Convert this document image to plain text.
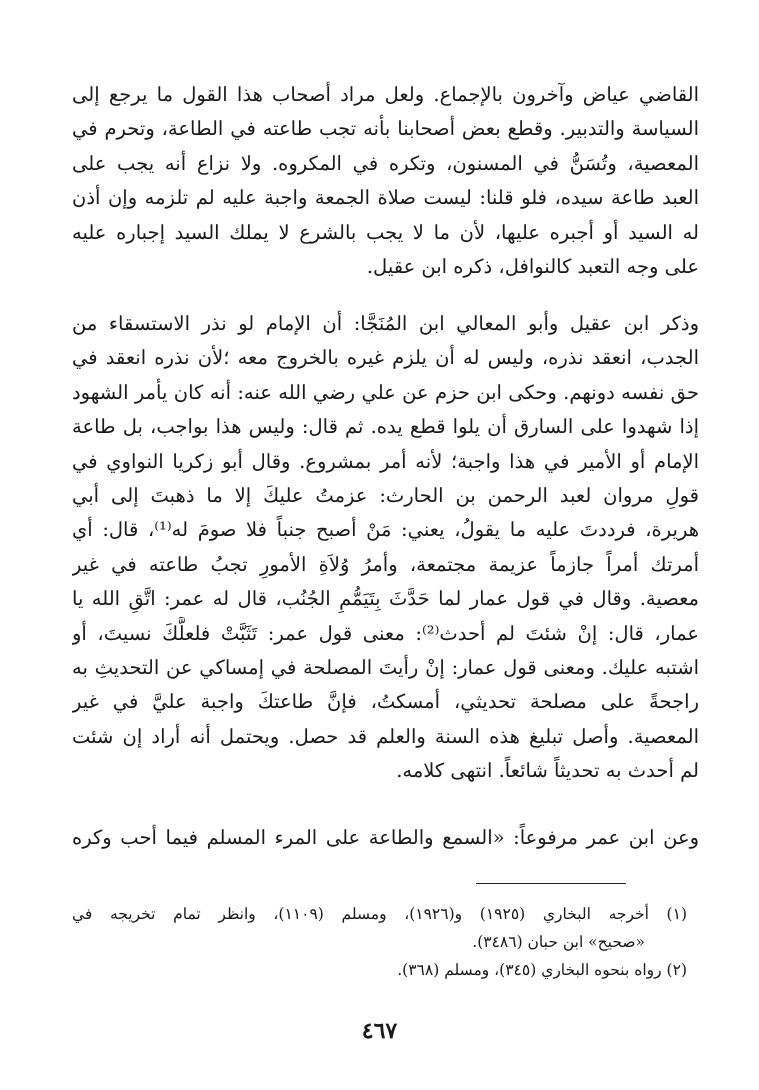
القاضي عياض وآخرون بالإجماع. ولعل مراد أصحاب هذا القول ما يرجع إلى
السياسة والتدبير. وقطع بعض أصحابنا بأنه تجب طاعته في الطاعة، وتحرم في
المعصية، وتُسَنُّ في المسنون، وتكره في المكروه. ولا نزاع أنه يجب على
العبد طاعة سيده، فلو قلنا: ليست صلاة الجمعة واجبة عليه لم تلزمه وإن أذن
له السيد أو أجبره عليها، لأن ما لا يجب بالشرع لا يملك السيد إجباره عليه
على وجه التعبد كالنوافل، ذكره ابن عقيل.
وذكر ابن عقيل وأبو المعالي ابن المُنَجَّا: أن الإمام لو نذر الاستسقاء من
الجدب، انعقد نذره، وليس له أن يلزم غيره بالخروج معه ؛لأن نذره انعقد في
حق نفسه دونهم. وحكى ابن حزم عن علي رضي الله عنه: أنه كان يأمر الشهود
إذا شهدوا على السارق أن يلوا قطع يده. ثم قال: وليس هذا بواجب، بل طاعة
الإمام أو الأمير في هذا واجبة؛ لأنه أمر بمشروع. وقال أبو زكريا النواوي في
قولِ مروان لعبد الرحمن بن الحارث: عزمتُ عليكَ إلا ما ذهبتَ إلى أبي
هريرة، فرددتَ عليه ما يقولُ، يعني: مَنْ أصبح جنباً فلا صومَ له⁽¹⁾، قال: أي
أمرتك أمراً جازماً عزيمة مجتمعة، وأمرُ وُلاَةِ الأمورِ تجبُ طاعته في غير
معصية. وقال في قول عمار لما حَدَّثَ بِتَيَمُّمِ الجُنُب، قال له عمر: اتَّقِ الله يا
عمار، قال: إنْ شئتَ لم أحدث⁽²⁾: معنى قول عمر: تَثَبَّتْ فلعلَّكَ نسيتَ، أو
اشتبه عليك. ومعنى قول عمار: إنْ رأيتَ المصلحة في إمساكي عن التحديثِ به
راجحةً على مصلحة تحديثي، أمسكتُ، فإنَّ طاعتكَ واجبة عليَّ في غير
المعصية. وأصل تبليغ هذه السنة والعلم قد حصل. ويحتمل أنه أراد إن شئت
لم أحدث به تحديثاً شائعاً. انتهى كلامه.
وعن ابن عمر مرفوعاً: «السمع والطاعة على المرء المسلم فيما أحب وكره
(١) أخرجه البخاري (١٩٢٥) و(١٩٢٦)، ومسلم (١١٠٩)، وانظر تمام تخريجه في
«صحيح» ابن حبان (٣٤٨٦).
(٢) رواه بنحوه البخاري (٣٤٥)، ومسلم (٣٦٨).
٤٦٧
